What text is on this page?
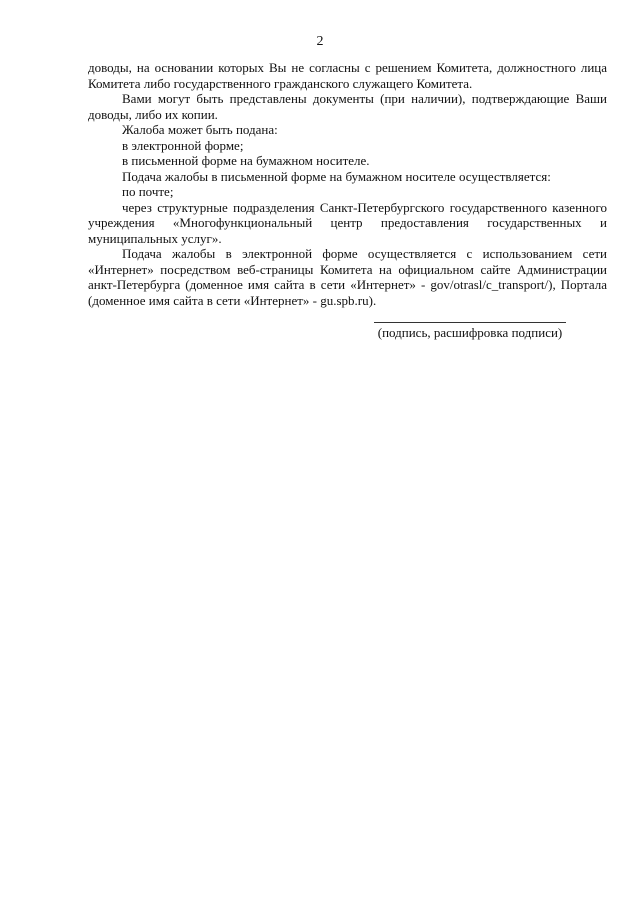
2
доводы, на основании которых Вы не согласны с решением Комитета, должностного лица Комитета либо государственного гражданского служащего Комитета.
Вами могут быть представлены документы (при наличии), подтверждающие Ваши доводы, либо их копии.
Жалоба может быть подана:
в электронной форме;
в письменной форме на бумажном носителе.
Подача жалобы в письменной форме на бумажном носителе осуществляется:
по почте;
через структурные подразделения Санкт-Петербургского государственного казенного учреждения «Многофункциональный центр предоставления государственных и муниципальных услуг».
Подача жалобы в электронной форме осуществляется с использованием сети «Интернет» посредством веб-страницы Комитета на официальном сайте Администрации анкт-Петербурга (доменное имя сайта в сети «Интернет» - gov/otrasl/c_transport/), Портала (доменное имя сайта в сети «Интернет» - gu.spb.ru).
(подпись, расшифровка подписи)
